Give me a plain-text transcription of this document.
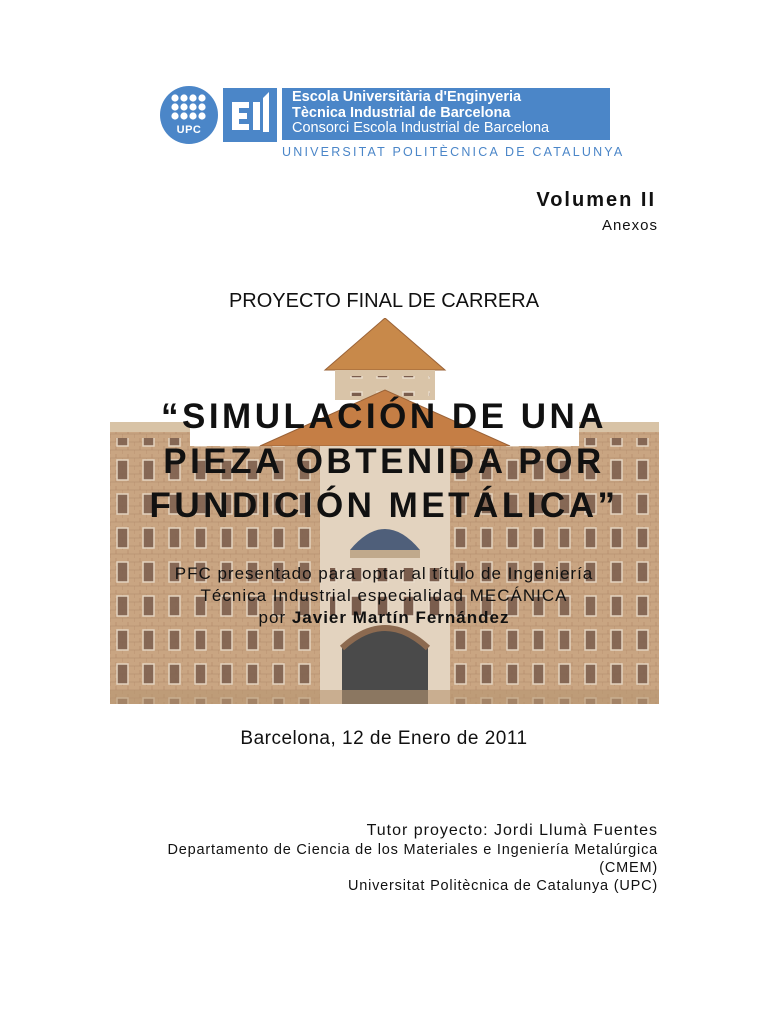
UPC
Escola Universitària d'Enginyeria
Tècnica Industrial de Barcelona
Consorci Escola Industrial de Barcelona
UNIVERSITAT POLITÈCNICA DE CATALUNYA
Volumen II
Anexos
PROYECTO FINAL DE CARRERA
“SIMULACIÓN DE UNA
PIEZA OBTENIDA POR
FUNDICIÓN METÁLICA”
PFC presentado para optar al título de Ingeniería
Técnica Industrial especialidad MECÁNICA
por Javier Martín Fernández
Barcelona, 12 de Enero de 2011
Tutor proyecto: Jordi Llumà Fuentes
Departamento de Ciencia de los Materiales e Ingeniería Metalúrgica
(CMEM)
Universitat Politècnica de Catalunya (UPC)
